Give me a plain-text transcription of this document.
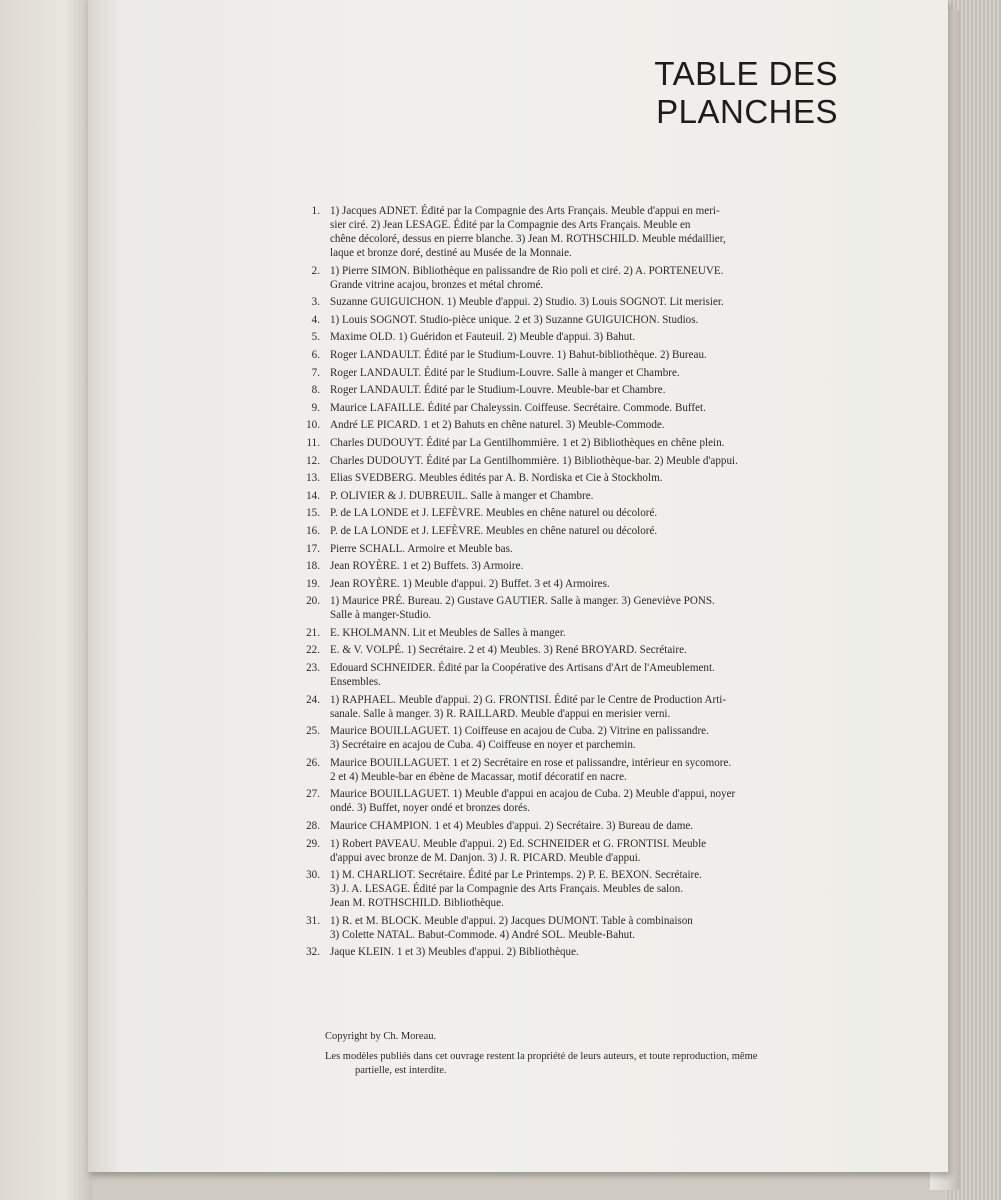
TABLE DES PLANCHES
1. 1) Jacques ADNET. Édité par la Compagnie des Arts Français. Meuble d'appui en meri-
sier ciré. 2) Jean LESAGE. Édité par la Compagnie des Arts Français. Meuble en
chêne décoloré, dessus en pierre blanche. 3) Jean M. ROTHSCHILD. Meuble médaillier,
laque et bronze doré, destiné au Musée de la Monnaie.
2. 1) Pierre SIMON. Bibliothèque en palissandre de Rio poli et ciré. 2) A. PORTENEUVE.
Grande vitrine acajou, bronzes et métal chromé.
3. Suzanne GUIGUICHON. 1) Meuble d'appui. 2) Studio. 3) Louis SOGNOT. Lit merisier.
4. 1) Louis SOGNOT. Studio-pièce unique. 2 et 3) Suzanne GUIGUICHON. Studios.
5. Maxime OLD. 1) Guéridon et Fauteuil. 2) Meuble d'appui. 3) Bahut.
6. Roger LANDAULT. Édité par le Studium-Louvre. 1) Bahut-bibliothèque. 2) Bureau.
7. Roger LANDAULT. Édité par le Studium-Louvre. Salle à manger et Chambre.
8. Roger LANDAULT. Édité par le Studium-Louvre. Meuble-bar et Chambre.
9. Maurice LAFAILLE. Édité par Chaleyssin. Coiffeuse. Secrétaire. Commode. Buffet.
10. André LE PICARD. 1 et 2) Bahuts en chêne naturel. 3) Meuble-Commode.
11. Charles DUDOUYT. Édité par La Gentilhommière. 1 et 2) Bibliothèques en chêne plein.
12. Charles DUDOUYT. Édité par La Gentilhommière. 1) Bibliothèque-bar. 2) Meuble d'appui.
13. Elias SVEDBERG. Meubles édités par A. B. Nordiska et Cie à Stockholm.
14. P. OLIVIER & J. DUBREUIL. Salle à manger et Chambre.
15. P. de LA LONDE et J. LEFÈVRE. Meubles en chêne naturel ou décoloré.
16. P. de LA LONDE et J. LEFÈVRE. Meubles en chêne naturel ou décoloré.
17. Pierre SCHALL. Armoire et Meuble bas.
18. Jean ROYÈRE. 1 et 2) Buffets. 3) Armoire.
19. Jean ROYÈRE. 1) Meuble d'appui. 2) Buffet. 3 et 4) Armoires.
20. 1) Maurice PRÉ. Bureau. 2) Gustave GAUTIER. Salle à manger. 3) Geneviève PONS.
Salle à manger-Studio.
21. E. KHOLMANN. Lit et Meubles de Salles à manger.
22. E. & V. VOLPÉ. 1) Secrétaire. 2 et 4) Meubles. 3) René BROYARD. Secrétaire.
23. Edouard SCHNEIDER. Édité par la Coopérative des Artisans d'Art de l'Ameublement.
Ensembles.
24. 1) RAPHAEL. Meuble d'appui. 2) G. FRONTISI. Édité par le Centre de Production Arti-
sanale. Salle à manger. 3) R. RAILLARD. Meuble d'appui en merisier verni.
25. Maurice BOUILLAGUET. 1) Coiffeuse en acajou de Cuba. 2) Vitrine en palissandre.
3) Secrétaire en acajou de Cuba. 4) Coiffeuse en noyer et parchemin.
26. Maurice BOUILLAGUET. 1 et 2) Secrétaire en rose et palissandre, intérieur en sycomore.
2 et 4) Meuble-bar en ébène de Macassar, motif décoratif en nacre.
27. Maurice BOUILLAGUET. 1) Meuble d'appui en acajou de Cuba. 2) Meuble d'appui, noyer
ondé. 3) Buffet, noyer ondé et bronzes dorés.
28. Maurice CHAMPION. 1 et 4) Meubles d'appui. 2) Secrétaire. 3) Bureau de dame.
29. 1) Robert PAVEAU. Meuble d'appui. 2) Ed. SCHNEIDER et G. FRONTISI. Meuble
d'appui avec bronze de M. Danjon. 3) J. R. PICARD. Meuble d'appui.
30. 1) M. CHARLIOT. Secrétaire. Édité par Le Printemps. 2) P. E. BEXON. Secrétaire.
3) J. A. LESAGE. Édité par la Compagnie des Arts Français. Meubles de salon.
Jean M. ROTHSCHILD. Bibliothèque.
31. 1) R. et M. BLOCK. Meuble d'appui. 2) Jacques DUMONT. Table à combinaison
3) Colette NATAL. Babut-Commode. 4) André SOL. Meuble-Bahut.
32. Jaque KLEIN. 1 et 3) Meubles d'appui. 2) Bibliothèque.
Copyright by Ch. Moreau.
Les modèles publiés dans cet ouvrage restent la propriété de leurs auteurs, et toute reproduction, même
partielle, est interdite.
